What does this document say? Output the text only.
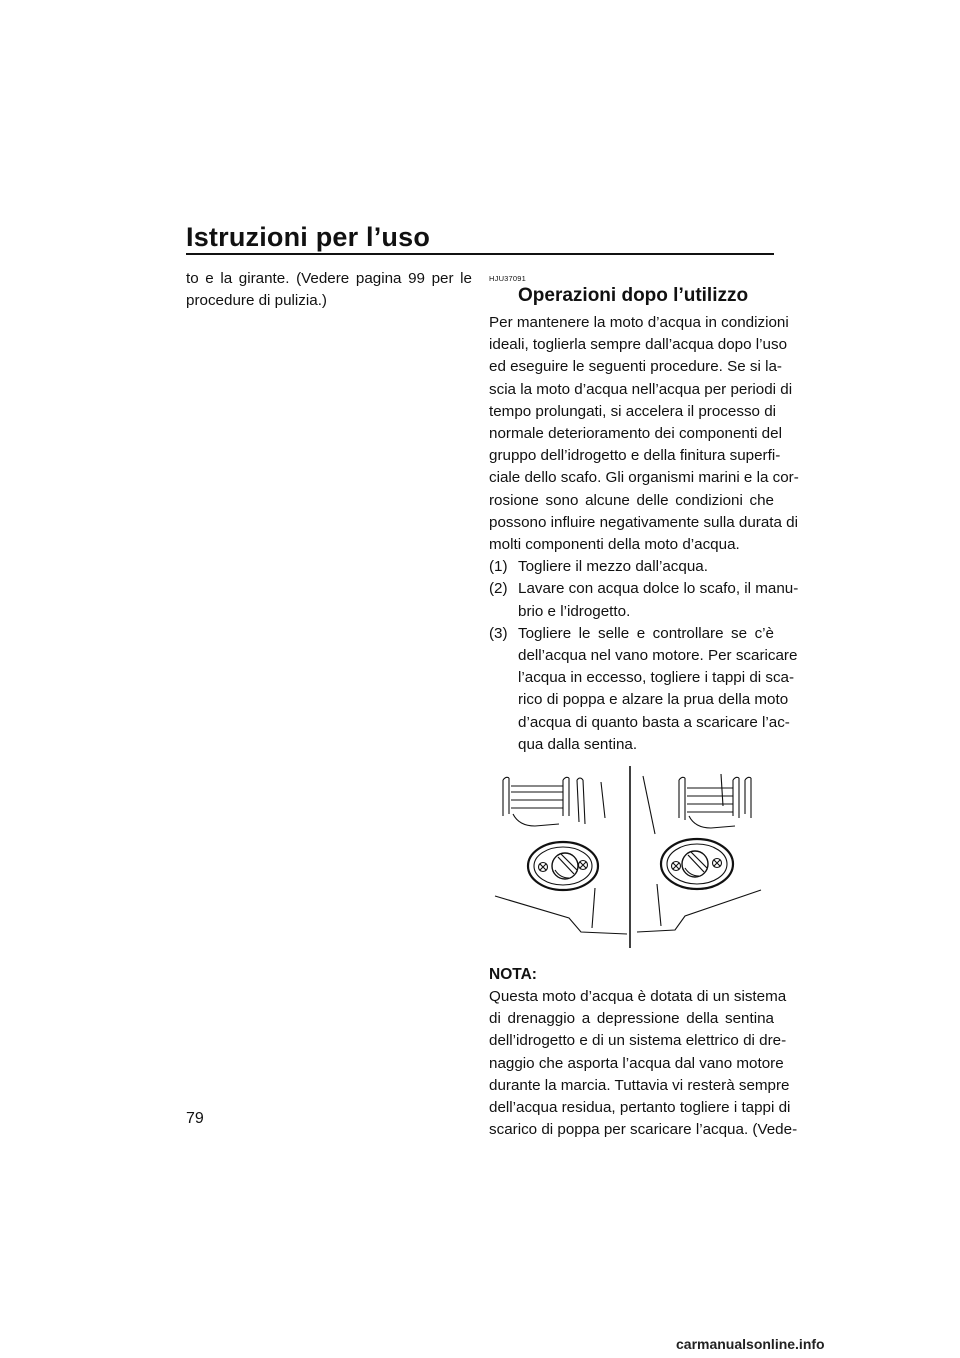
Istruzioni per l’uso
to e la girante. (Vedere pagina 99 per le
procedure di pulizia.)
HJU37091
Operazioni dopo l’utilizzo
Per mantenere la moto d’acqua in condizioni
ideali, toglierla sempre dall’acqua dopo l’uso
ed eseguire le seguenti procedure. Se si la-
scia la moto d’acqua nell’acqua per periodi di
tempo prolungati, si accelera il processo di
normale deterioramento dei componenti del
gruppo dell’idrogetto e della finitura superfi-
ciale dello scafo. Gli organismi marini e la cor-
rosione sono alcune delle condizioni che
possono influire negativamente sulla durata di
molti componenti della moto d’acqua.
(1) Togliere il mezzo dall’acqua.
(2) Lavare con acqua dolce lo scafo, il manu-
brio e l’idrogetto.
(3) Togliere le selle e controllare se c’è
dell’acqua nel vano motore. Per scaricare
l’acqua in eccesso, togliere i tappi di sca-
rico di poppa e alzare la prua della moto
d’acqua di quanto basta a scaricare l’ac-
qua dalla sentina.
NOTA:
Questa moto d’acqua è dotata di un sistema
di drenaggio a depressione della sentina
dell’idrogetto e di un sistema elettrico di dre-
naggio che asporta l’acqua dal vano motore
durante la marcia. Tuttavia vi resterà sempre
dell’acqua residua, pertanto togliere i tappi di
scarico di poppa per scaricare l’acqua. (Vede-
79
carmanualsonline.info
